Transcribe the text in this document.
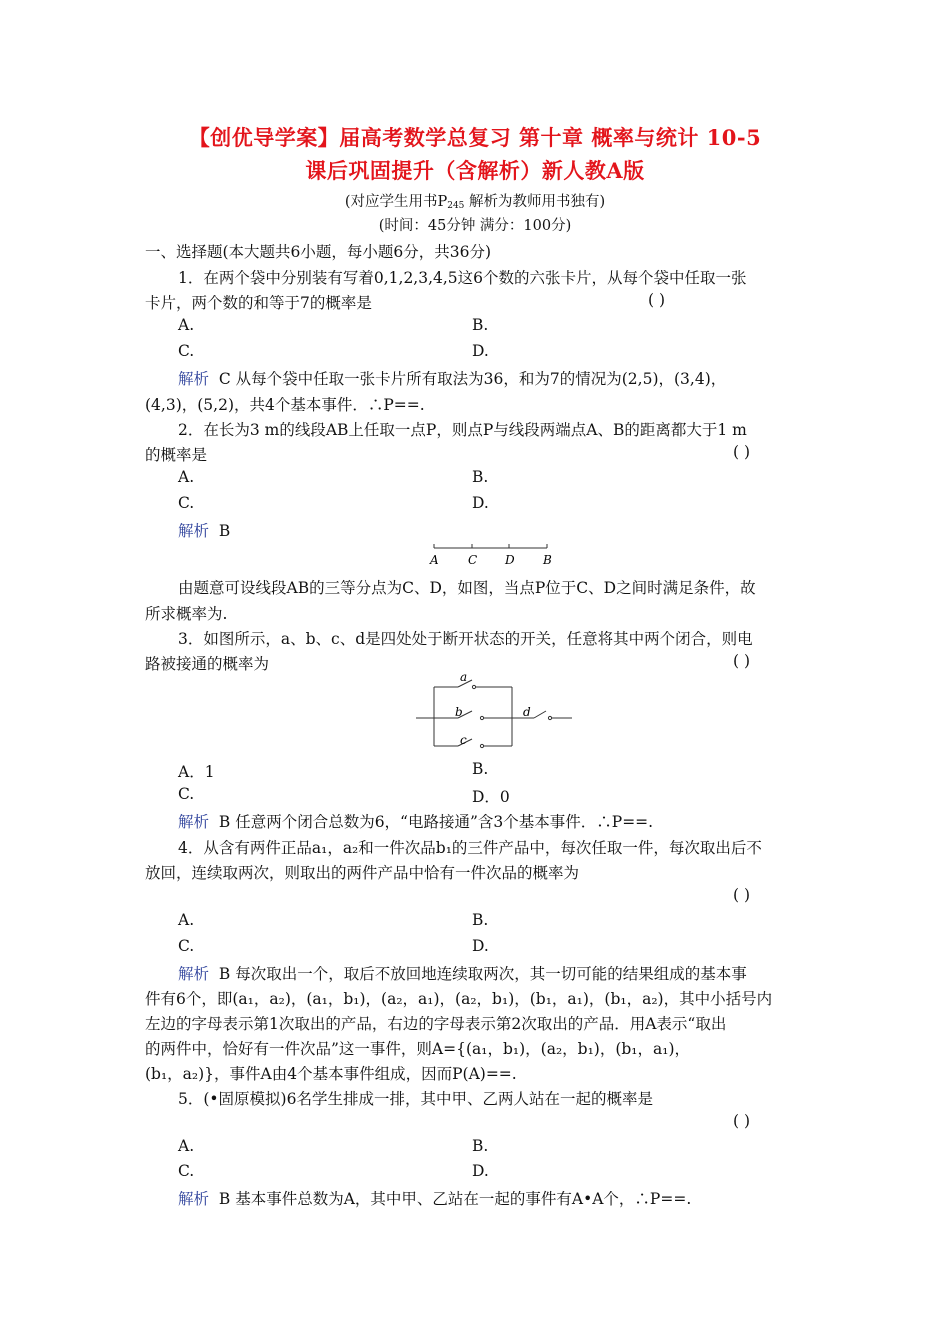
【创优导学案】届高考数学总复习 第十章 概率与统计 10-5
课后巩固提升（含解析）新人教A版
(对应学生用书P245 解析为教师用书独有)
(时间：45分钟 满分：100分)
一、选择题(本大题共6小题，每小题6分，共36分)
1．在两个袋中分别装有写着0,1,2,3,4,5这6个数的六张卡片，从每个袋中任取一张
卡片，两个数的和等于7的概率是	( )
A.	B.
C.	D.
解析 C 从每个袋中任取一张卡片所有取法为36，和为7的情况为(2,5)，(3,4)，
(4,3)，(5,2)，共4个基本事件．∴P==.
2．在长为3 m的线段AB上任取一点P，则点P与线段两端点A、B的距离都大于1 m
的概率是	( )
A.	B.
C.	D.
解析 B
A C D B
由题意可设线段AB的三等分点为C、D，如图，当点P位于C、D之间时满足条件，故
所求概率为.
3．如图所示，a、b、c、d是四处处于断开状态的开关，任意将其中两个闭合，则电
路被接通的概率为	( )
a
b
c
d
A．1	B.
C.	D．0
解析 B 任意两个闭合总数为6，“电路接通”含3个基本事件．∴P==.
4．从含有两件正品a₁，a₂和一件次品b₁的三件产品中，每次任取一件，每次取出后不
放回，连续取两次，则取出的两件产品中恰有一件次品的概率为
( )
A.	B.
C.	D.
解析 B 每次取出一个，取后不放回地连续取两次，其一切可能的结果组成的基本事
件有6个，即(a₁，a₂)，(a₁，b₁)，(a₂，a₁)，(a₂，b₁)，(b₁，a₁)，(b₁，a₂)，其中小括号内
左边的字母表示第1次取出的产品，右边的字母表示第2次取出的产品．用A表示“取出
的两件中，恰好有一件次品”这一事件，则A={(a₁，b₁)，(a₂，b₁)，(b₁，a₁)，
(b₁，a₂)}，事件A由4个基本事件组成，因而P(A)==.
5．(•固原模拟)6名学生排成一排，其中甲、乙两人站在一起的概率是
( )
A.	B.
C.	D.
解析 B 基本事件总数为A，其中甲、乙站在一起的事件有A•A个，∴P==.
